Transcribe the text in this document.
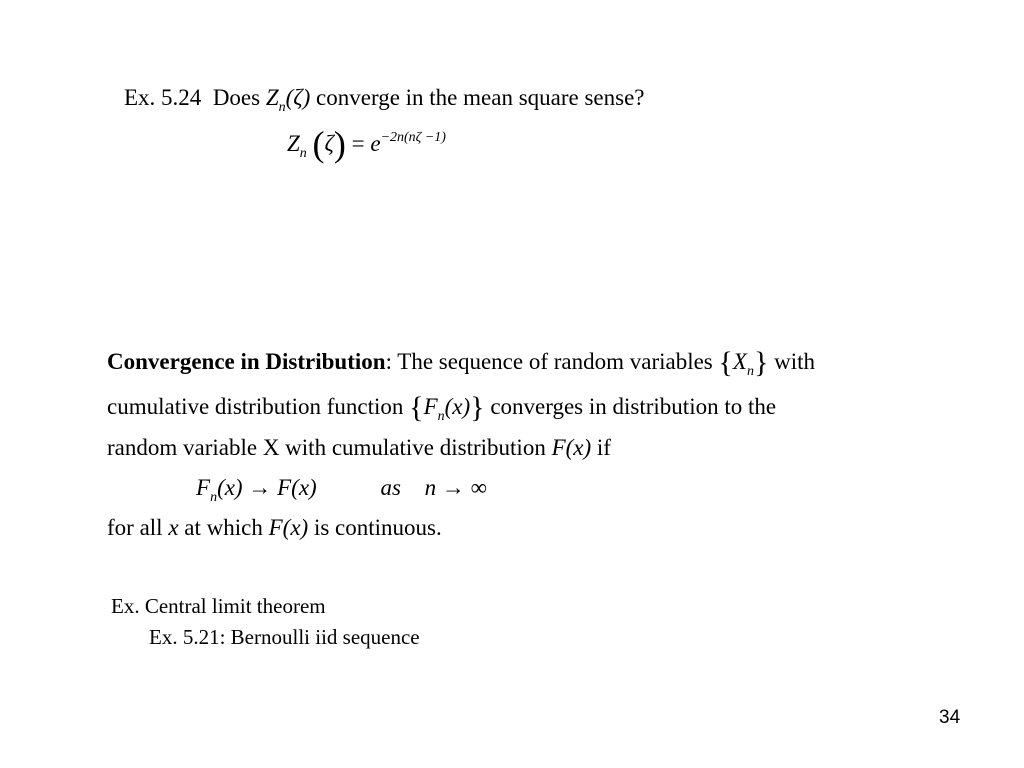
Ex. 5.24 Does $Z_n(\zeta)$ converge in the mean square sense?
$Z_n$ $(\zeta) = e^{-2n(n\zeta -1)}$
Convergence in Distribution: The sequence of random variables $\{X_n\}$ with
cumulative distribution function $\{F_n(x)\}$ converges in distribution to the
random variable X with cumulative distribution F(x) if
$F_n(x) \to F(x)$	as n → ∞
for all x at which F(x) is continuous.
Ex. Central limit theorem
Ex. 5.21: Bernoulli iid sequence
34
